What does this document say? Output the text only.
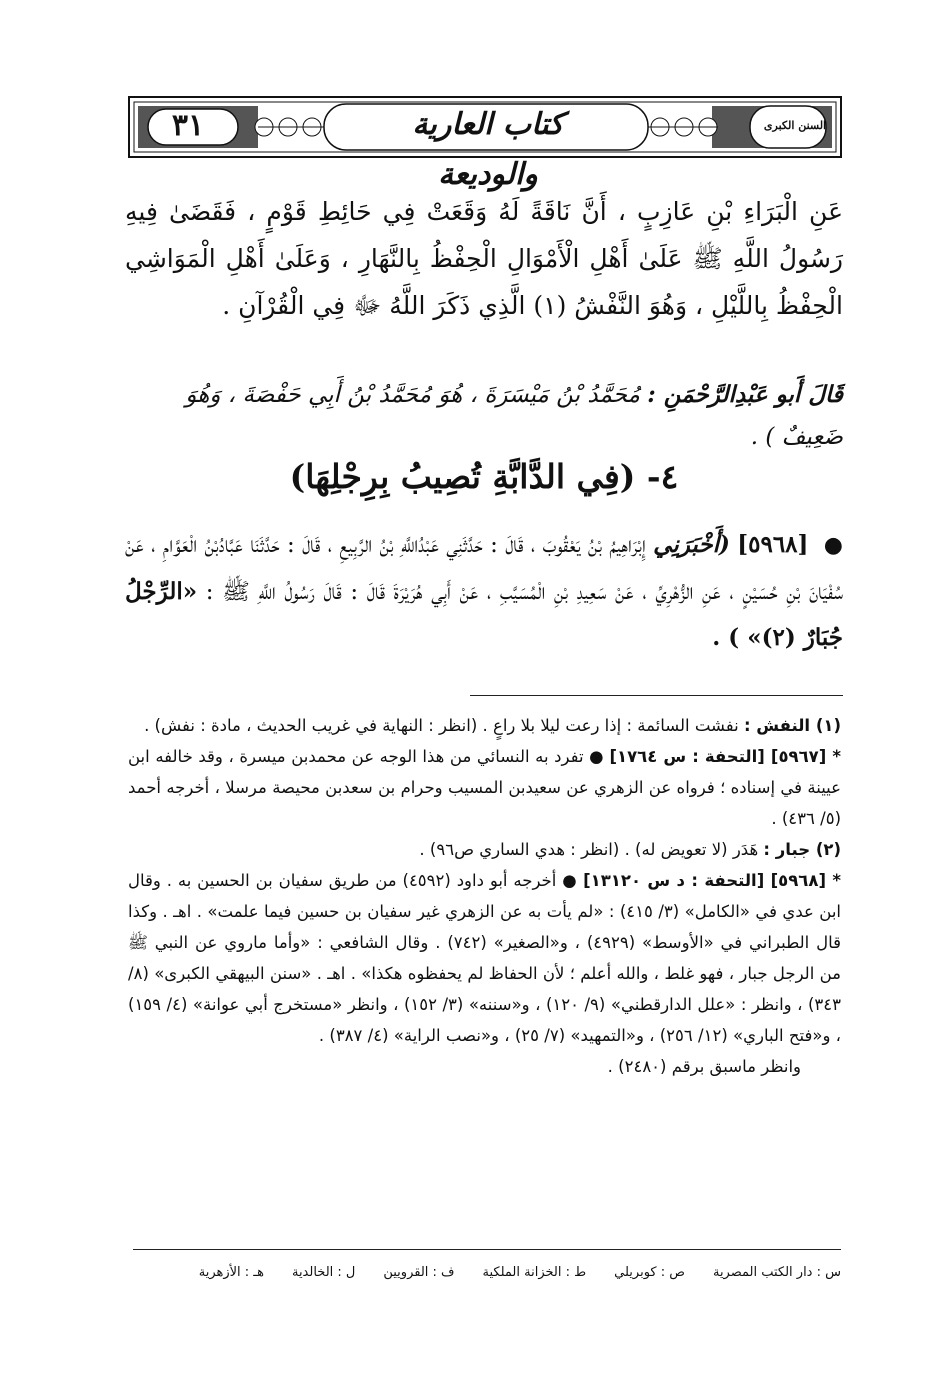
٣١	كتاب العارية والوديعة
السنن الكبرى
عَنِ الْبَرَاءِ بْنِ عَازِبٍ ، أَنَّ نَاقَةً لَهُ وَقَعَتْ فِي حَائِطِ قَوْمٍ ، فَقَضَىٰ فِيهِ رَسُولُ اللَّهِ ﷺ عَلَىٰ أَهْلِ الْأَمْوَالِ الْحِفْظُ بِالنَّهَارِ ، وَعَلَىٰ أَهْلِ الْمَوَاشِي الْحِفْظُ بِاللَّيْلِ ، وَهُوَ النَّفْشُ (١) الَّذِي ذَكَرَ اللَّهُ ﷻ فِي الْقُرْآنِ .
قَالَ أَبو عَبْدِالرَّحْمَنِ : مُحَمَّدُ بْنُ مَيْسَرَةَ ، هُوَ مُحَمَّدُ بْنُ أَبِي حَفْصَةَ ، وَهُوَ ضَعِيفٌ ) .
٤- (فِي الدَّابَّةِ تُصِيبُ بِرِجْلِهَا)
● [٥٩٦٨] (أَخْبَرَنِي إِبْرَاهِيمُ بْنُ يَعْقُوبَ ، قَالَ : حَدَّثَنِي عَبْدُاللَّهِ بْنُ الرَّبِيعِ ، قَالَ : حَدَّثَنَا عَبَّادُبْنُ الْعَوَّامِ ، عَنْ سُفْيَانَ بْنِ حُسَيْنٍ ، عَنِ الزُّهْرِيِّ ، عَنْ سَعِيدِ بْنِ الْمُسَيَّبِ ، عَنْ أَبِي هُرَيْرَةَ قَالَ : قَالَ رَسُولُ اللَّهِ ﷺ : «الرِّجْلُ جُبَارٌ (٢)» ) .

(١) النفش : نفشت السائمة : إذا رعت ليلا بلا راعٍ . (انظر : النهاية في غريب الحديث ، مادة : نفش) .

* [٥٩٦٧] [التحفة : س ١٧٦٤] ● تفرد به النسائي من هذا الوجه عن محمدبن ميسرة ، وقد خالفه ابن عيينة في إسناده ؛ فرواه عن الزهري عن سعيدبن المسيب وحرام بن سعدبن محيصة مرسلا ، أخرجه أحمد (٥/ ٤٣٦) .

(٢) جبار : هَدَر (لا تعويض له) . (انظر : هدي الساري ص٩٦) .

* [٥٩٦٨] [التحفة : د س ١٣١٢٠] ● أخرجه أبو داود (٤٥٩٢) من طريق سفيان بن الحسين به . وقال ابن عدي في «الكامل» (٣/ ٤١٥) : «لم يأت به عن الزهري غير سفيان بن حسين فيما علمت» . اهـ . وكذا قال الطبراني في «الأوسط» (٤٩٢٩) ، و«الصغير» (٧٤٢) . وقال الشافعي : «وأما ماروي عن النبي ﷺ من الرجل جبار ، فهو غلط ، والله أعلم ؛ لأن الحفاظ لم يحفظوه هكذا» . اهـ . «سنن البيهقي الكبرى» (٨/ ٣٤٣) ، وانظر : «علل الدارقطني» (٩/ ١٢٠) ، و«سننه» (٣/ ١٥٢) ، وانظر «مستخرج أبي عوانة» (٤/ ١٥٩) ، و«فتح الباري» (١٢/ ٢٥٦) ، و«التمهيد» (٧/ ٢٥) ، و«نصب الراية» (٤/ ٣٨٧) .

وانظر ماسبق برقم (٢٤٨٠) .

س : دار الكتب المصرية
ص : كوبريلي
ط : الخزانة الملكية
ف : القرويين
ل : الخالدية
هـ : الأزهرية
